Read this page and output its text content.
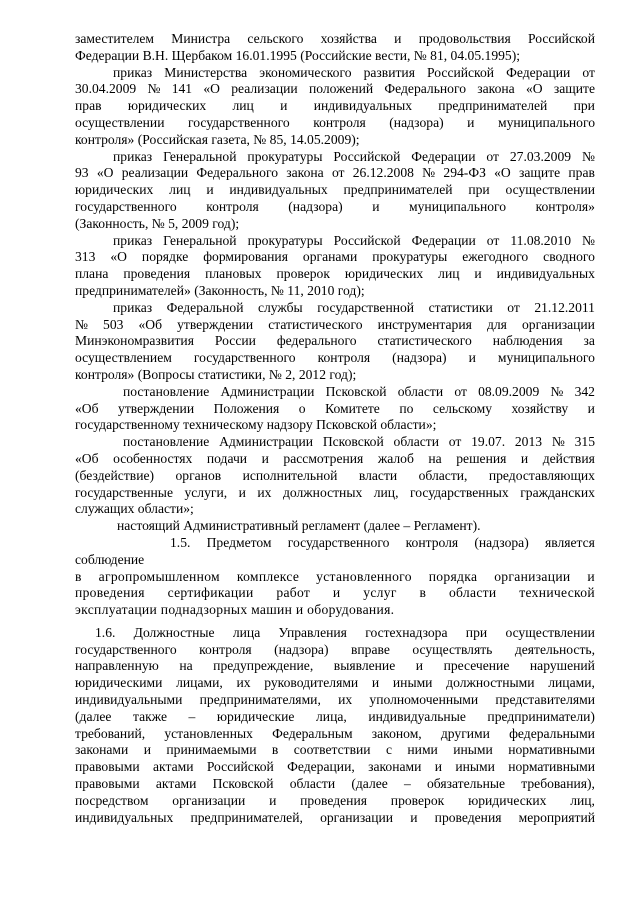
заместителем Министра сельского хозяйства и продовольствия Российской
Федерации В.Н. Щербаком 16.01.1995 (Российские вести, № 81, 04.05.1995);
приказ Министерства экономического развития Российской Федерации от
30.04.2009 № 141 «О реализации положений Федерального закона «О защите
прав юридических лиц и индивидуальных предпринимателей при
осуществлении государственного контроля (надзора) и муниципального
контроля» (Российская газета, № 85, 14.05.2009);
приказ Генеральной прокуратуры Российской Федерации от 27.03.2009 №
93 «О реализации Федерального закона от 26.12.2008 № 294-ФЗ «О защите прав
юридических лиц и индивидуальных предпринимателей при осуществлении
государственного контроля (надзора) и муниципального контроля»
(Законность, № 5, 2009 год);
приказ Генеральной прокуратуры Российской Федерации от 11.08.2010 №
313 «О порядке формирования органами прокуратуры ежегодного сводного
плана проведения плановых проверок юридических лиц и индивидуальных
предпринимателей» (Законность, № 11, 2010 год);
приказ Федеральной службы государственной статистики от 21.12.2011
№ 503 «Об утверждении статистического инструментария для организации
Минэкономразвития России федерального статистического наблюдения за
осуществлением государственного контроля (надзора) и муниципального
контроля» (Вопросы статистики, № 2, 2012 год);
постановление Администрации Псковской области от 08.09.2009 № 342
«Об утверждении Положения о Комитете по сельскому хозяйству и
государственному техническому надзору Псковской области»;
постановление Администрации Псковской области от 19.07. 2013 № 315
«Об особенностях подачи и рассмотрения жалоб на решения и действия
(бездействие) органов исполнительной власти области, предоставляющих
государственные услуги, и их должностных лиц, государственных гражданских
служащих области»;
настоящий Административный регламент (далее – Регламент).
1.5. Предметом государственного контроля (надзора) является
соблюдение
в агропромышленном комплексе установленного порядка организации и
проведения сертификации работ и услуг в области технической
эксплуатации поднадзорных машин и оборудования.
1.6. Должностные лица Управления гостехнадзора при осуществлении
государственного контроля (надзора) вправе осуществлять деятельность,
направленную на предупреждение, выявление и пресечение нарушений
юридическими лицами, их руководителями и иными должностными лицами,
индивидуальными предпринимателями, их уполномоченными представителями
(далее также – юридические лица, индивидуальные предприниматели)
требований, установленных Федеральным законом, другими федеральными
законами и принимаемыми в соответствии с ними иными нормативными
правовыми актами Российской Федерации, законами и иными нормативными
правовыми актами Псковской области (далее – обязательные требования),
посредством организации и проведения проверок юридических лиц,
индивидуальных предпринимателей, организации и проведения мероприятий
